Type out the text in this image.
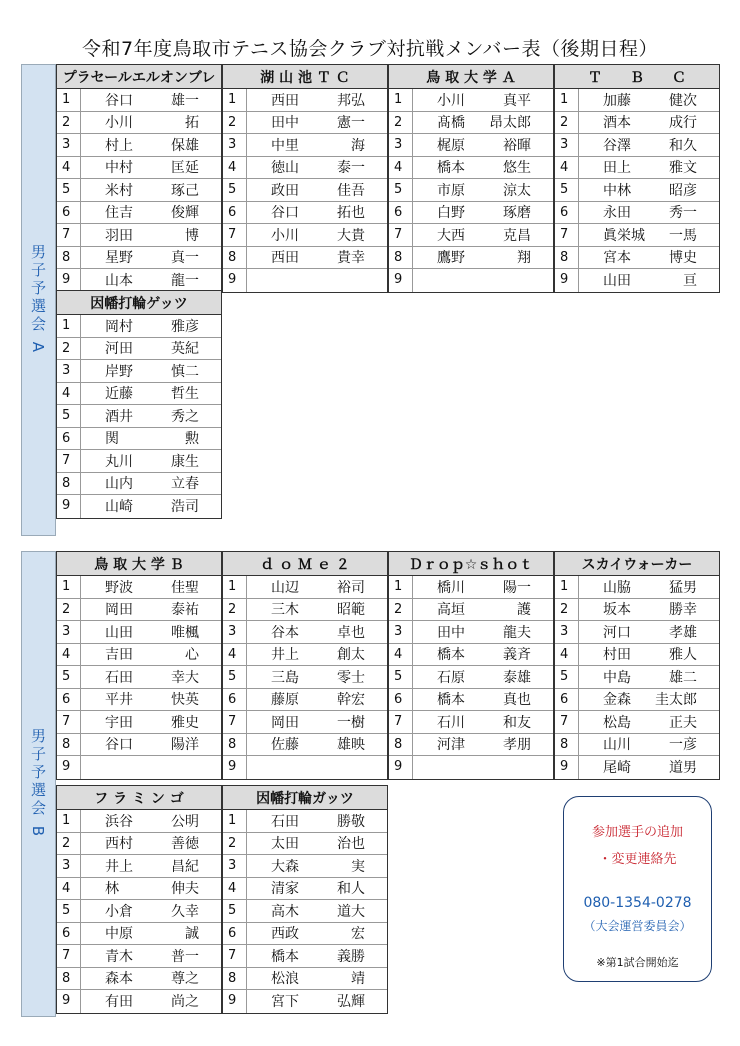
令和7年度鳥取市テニス協会クラブ対抗戦メンバー表（後期日程）
男子予選会 A
男子予選会 B
プラセールエルオンブレ
1	谷口	雄一
2	小川	拓
3	村上	保雄
4	中村	匡延
5	米村	琢己
6	住吉	俊輝
7	羽田	博
8	星野	真一
9	山本	龍一
湖 山 池 Ｔ Ｃ
1	西田	邦弘
2	田中	憲一
3	中里	海
4	徳山	泰一
5	政田	佳吾
6	谷口	拓也
7	小川	大貴
8	西田	貴幸
9
鳥 取 大 学 Ａ
1	小川	真平
2	髙橋 昂太郎
3	梶原	裕暉
4	橋本	悠生
5	市原	涼太
6	白野	琢磨
7	大西	克昌
8	鷹野	翔
9
Ｔ　　Ｂ　　Ｃ
1	加藤	健次
2	酒本	成行
3	谷澤	和久
4	田上	雅文
5	中林	昭彦
6	永田	秀一
7	眞栄城 一馬
8	宮本	博史
9	山田	亘
因幡打輪ゲッツ
1	岡村	雅彦
2	河田	英紀
3	岸野	慎二
4	近藤	哲生
5	酒井	秀之
6	関	勲
7	丸川	康生
8	山内	立春
9	山崎	浩司
鳥 取 大 学 Ｂ
1	野波	佳聖
2	岡田	泰祐
3	山田	唯楓
4	吉田	心
5	石田	幸大
6	平井	快英
7	宇田	雅史
8	谷口	陽洋
9
ｄ ｏ Ｍ ｅ ２
1	山辺	裕司
2	三木	昭範
3	谷本	卓也
4	井上	創太
5	三島	零士
6	藤原	幹宏
7	岡田	一樹
8	佐藤	雄映
9
Ｄｒｏｐ☆ｓｈｏｔ
1	橋川	陽一
2	高垣	護
3	田中	龍夫
4	橋本	義斉
5	石原	泰雄
6	橋本	真也
7	石川	和友
8	河津	孝朋
9
スカイウォーカー
1	山脇	猛男
2	坂本	勝幸
3	河口	孝雄
4	村田	雅人
5	中島	雄二
6	金森 圭太郎
7	松島	正夫
8	山川	一彦
9	尾崎	道男
フ ラ ミ ン ゴ
1	浜谷	公明
2	西村	善徳
3	井上	昌紀
4	林	伸夫
5	小倉	久幸
6	中原	誠
7	青木	普一
8	森本	尊之
9	有田	尚之
因幡打輪ガッツ
1	石田	勝敬
2	太田	治也
3	大森	実
4	清家	和人
5	高木	道大
6	西政	宏
7	橋本	義勝
8	松浪	靖
9	宮下	弘輝
参加選手の追加
・変更連絡先
080-1354-0278
（大会運営委員会）
※第1試合開始迄
